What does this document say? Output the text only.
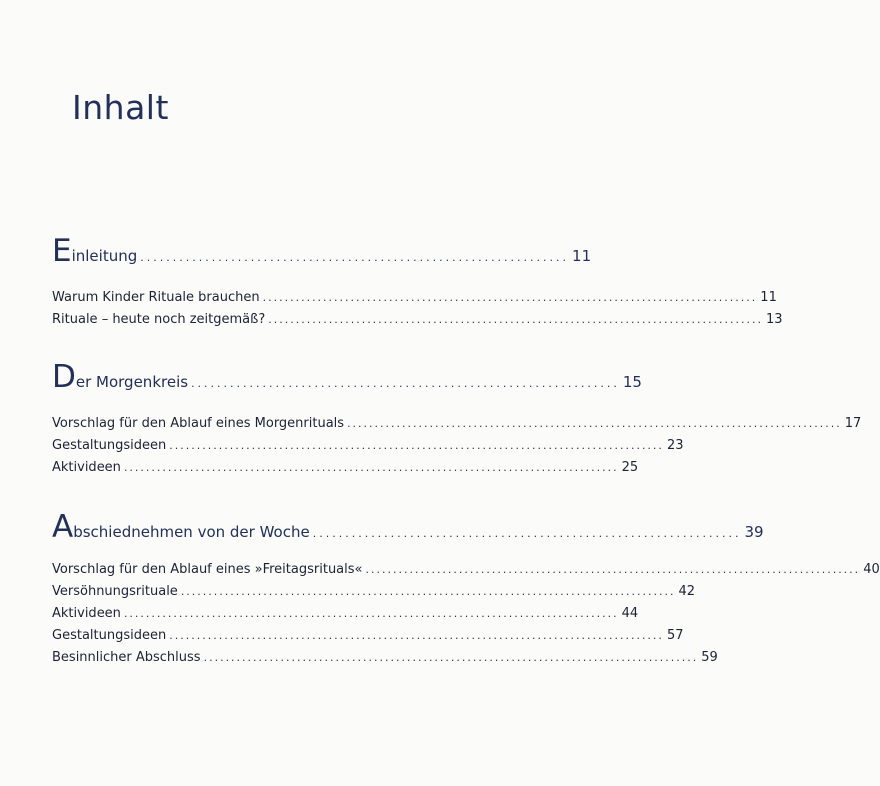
Inhalt
Einleitung .................................................................. 11
Warum Kinder Rituale brauchen .......................................................................................... 11
Rituale – heute noch zeitgemäß? .......................................................................................... 13
Der Morgenkreis .................................................................. 15
Vorschlag für den Ablauf eines Morgenrituals .......................................................................................... 17
Gestaltungsideen .......................................................................................... 23
Aktivideen .......................................................................................... 25
Abschiednehmen von der Woche .................................................................. 39
Vorschlag für den Ablauf eines »Freitagsrituals« .......................................................................................... 40
Versöhnungsrituale .......................................................................................... 42
Aktivideen .......................................................................................... 44
Gestaltungsideen .......................................................................................... 57
Besinnlicher Abschluss .......................................................................................... 59
